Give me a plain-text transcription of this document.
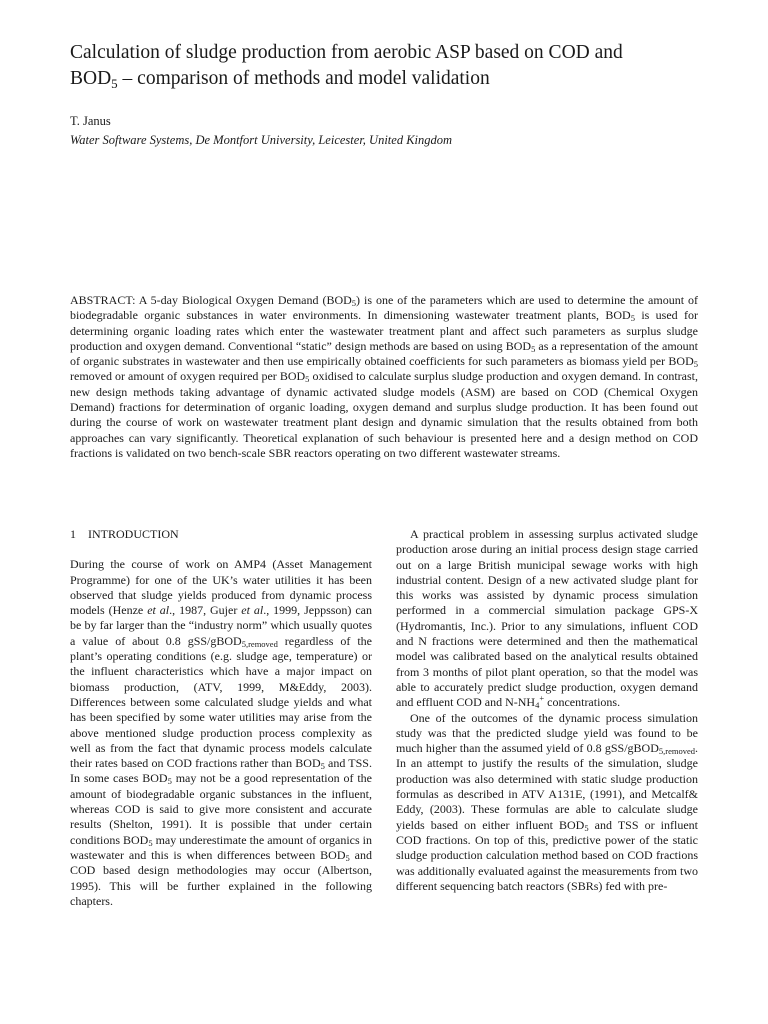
Calculation of sludge production from aerobic ASP based on COD and
$BOD_5$ – comparison of methods and model validation
T. Janus
Water Software Systems, De Montfort University, Leicester, United Kingdom

ABSTRACT: A 5-day Biological Oxygen Demand $(BOD_5)$ is one of the parameters which are used to determine the amount of biodegradable organic substances in water environments. In dimensioning wastewater treatment plants, $BOD_5$ is used for determining organic loading rates which enter the wastewater treatment plant and affect such parameters as surplus sludge production and oxygen demand. Conventional “static” design methods are based on using $BOD_5$ as a representation of the amount of organic substrates in wastewater and then use empirically obtained coefficients for such parameters as biomass yield per $BOD_5$ removed or amount of oxygen required per $BOD_5$ oxidised to calculate surplus sludge production and oxygen demand. In contrast, new design methods taking advantage of dynamic activated sludge models (ASM) are based on COD (Chemical Oxygen Demand) fractions for determination of organic loading, oxygen demand and surplus sludge production. It has been found out during the course of work on wastewater treatment plant design and dynamic simulation that the results obtained from both approaches can vary significantly. Theoretical explanation of such behaviour is presented here and a design method on COD fractions is validated on two bench-scale SBR reactors operating on two different wastewater streams.

1 INTRODUCTION

During the course of work on AMP4 (Asset Management Programme) for one of the UK’s water utilities it has been observed that sludge yields produced from dynamic process models (Henze et al., 1987, Gujer et al., 1999, Jeppsson) can be by far larger than the “industry norm” which usually quotes a value of about 0.8 gSS/gBOD$_{5,removed}$ regardless of the plant’s operating conditions (e.g. sludge age, temperature) or the influent characteristics which have a major impact on biomass production, (ATV, 1999, M&Eddy, 2003). Differences between some calculated sludge yields and what has been specified by some water utilities may arise from the above mentioned sludge production process complexity as well as from the fact that dynamic process models calculate their rates based on COD fractions rather than $BOD_5$ and TSS. In some cases $BOD_5$ may not be a good representation of the amount of biodegradable organic substances in the influent, whereas COD is said to give more consistent and accurate results (Shelton, 1991). It is possible that under certain conditions $BOD_5$ may underestimate the amount of organics in wastewater and this is when differences between $BOD_5$ and COD based design methodologies may occur (Albertson, 1995). This will be further explained in the following chapters.

A practical problem in assessing surplus activated sludge production arose during an initial process design stage carried out on a large British municipal sewage works with high industrial content. Design of a new activated sludge plant for this works was assisted by dynamic process simulation performed in a commercial simulation package GPS-X (Hydromantis, Inc.). Prior to any simulations, influent COD and N fractions were determined and then the mathematical model was calibrated based on the analytical results obtained from 3 months of pilot plant operation, so that the model was able to accurately predict sludge production, oxygen demand and effluent COD and $N-NH_4^+$ concentrations.

One of the outcomes of the dynamic process simulation study was that the predicted sludge yield was found to be much higher than the assumed yield of 0.8 gSS/gBOD$_{5,removed}$. In an attempt to justify the results of the simulation, sludge production was also determined with static sludge production formulas as described in ATV A131E, (1991), and Metcalf& Eddy, (2003). These formulas are able to calculate sludge yields based on either influent $BOD_5$ and TSS or influent COD fractions. On top of this, predictive power of the static sludge production calculation method based on COD fractions was additionally evaluated against the measurements from two different sequencing batch reactors (SBRs) fed with pre-
